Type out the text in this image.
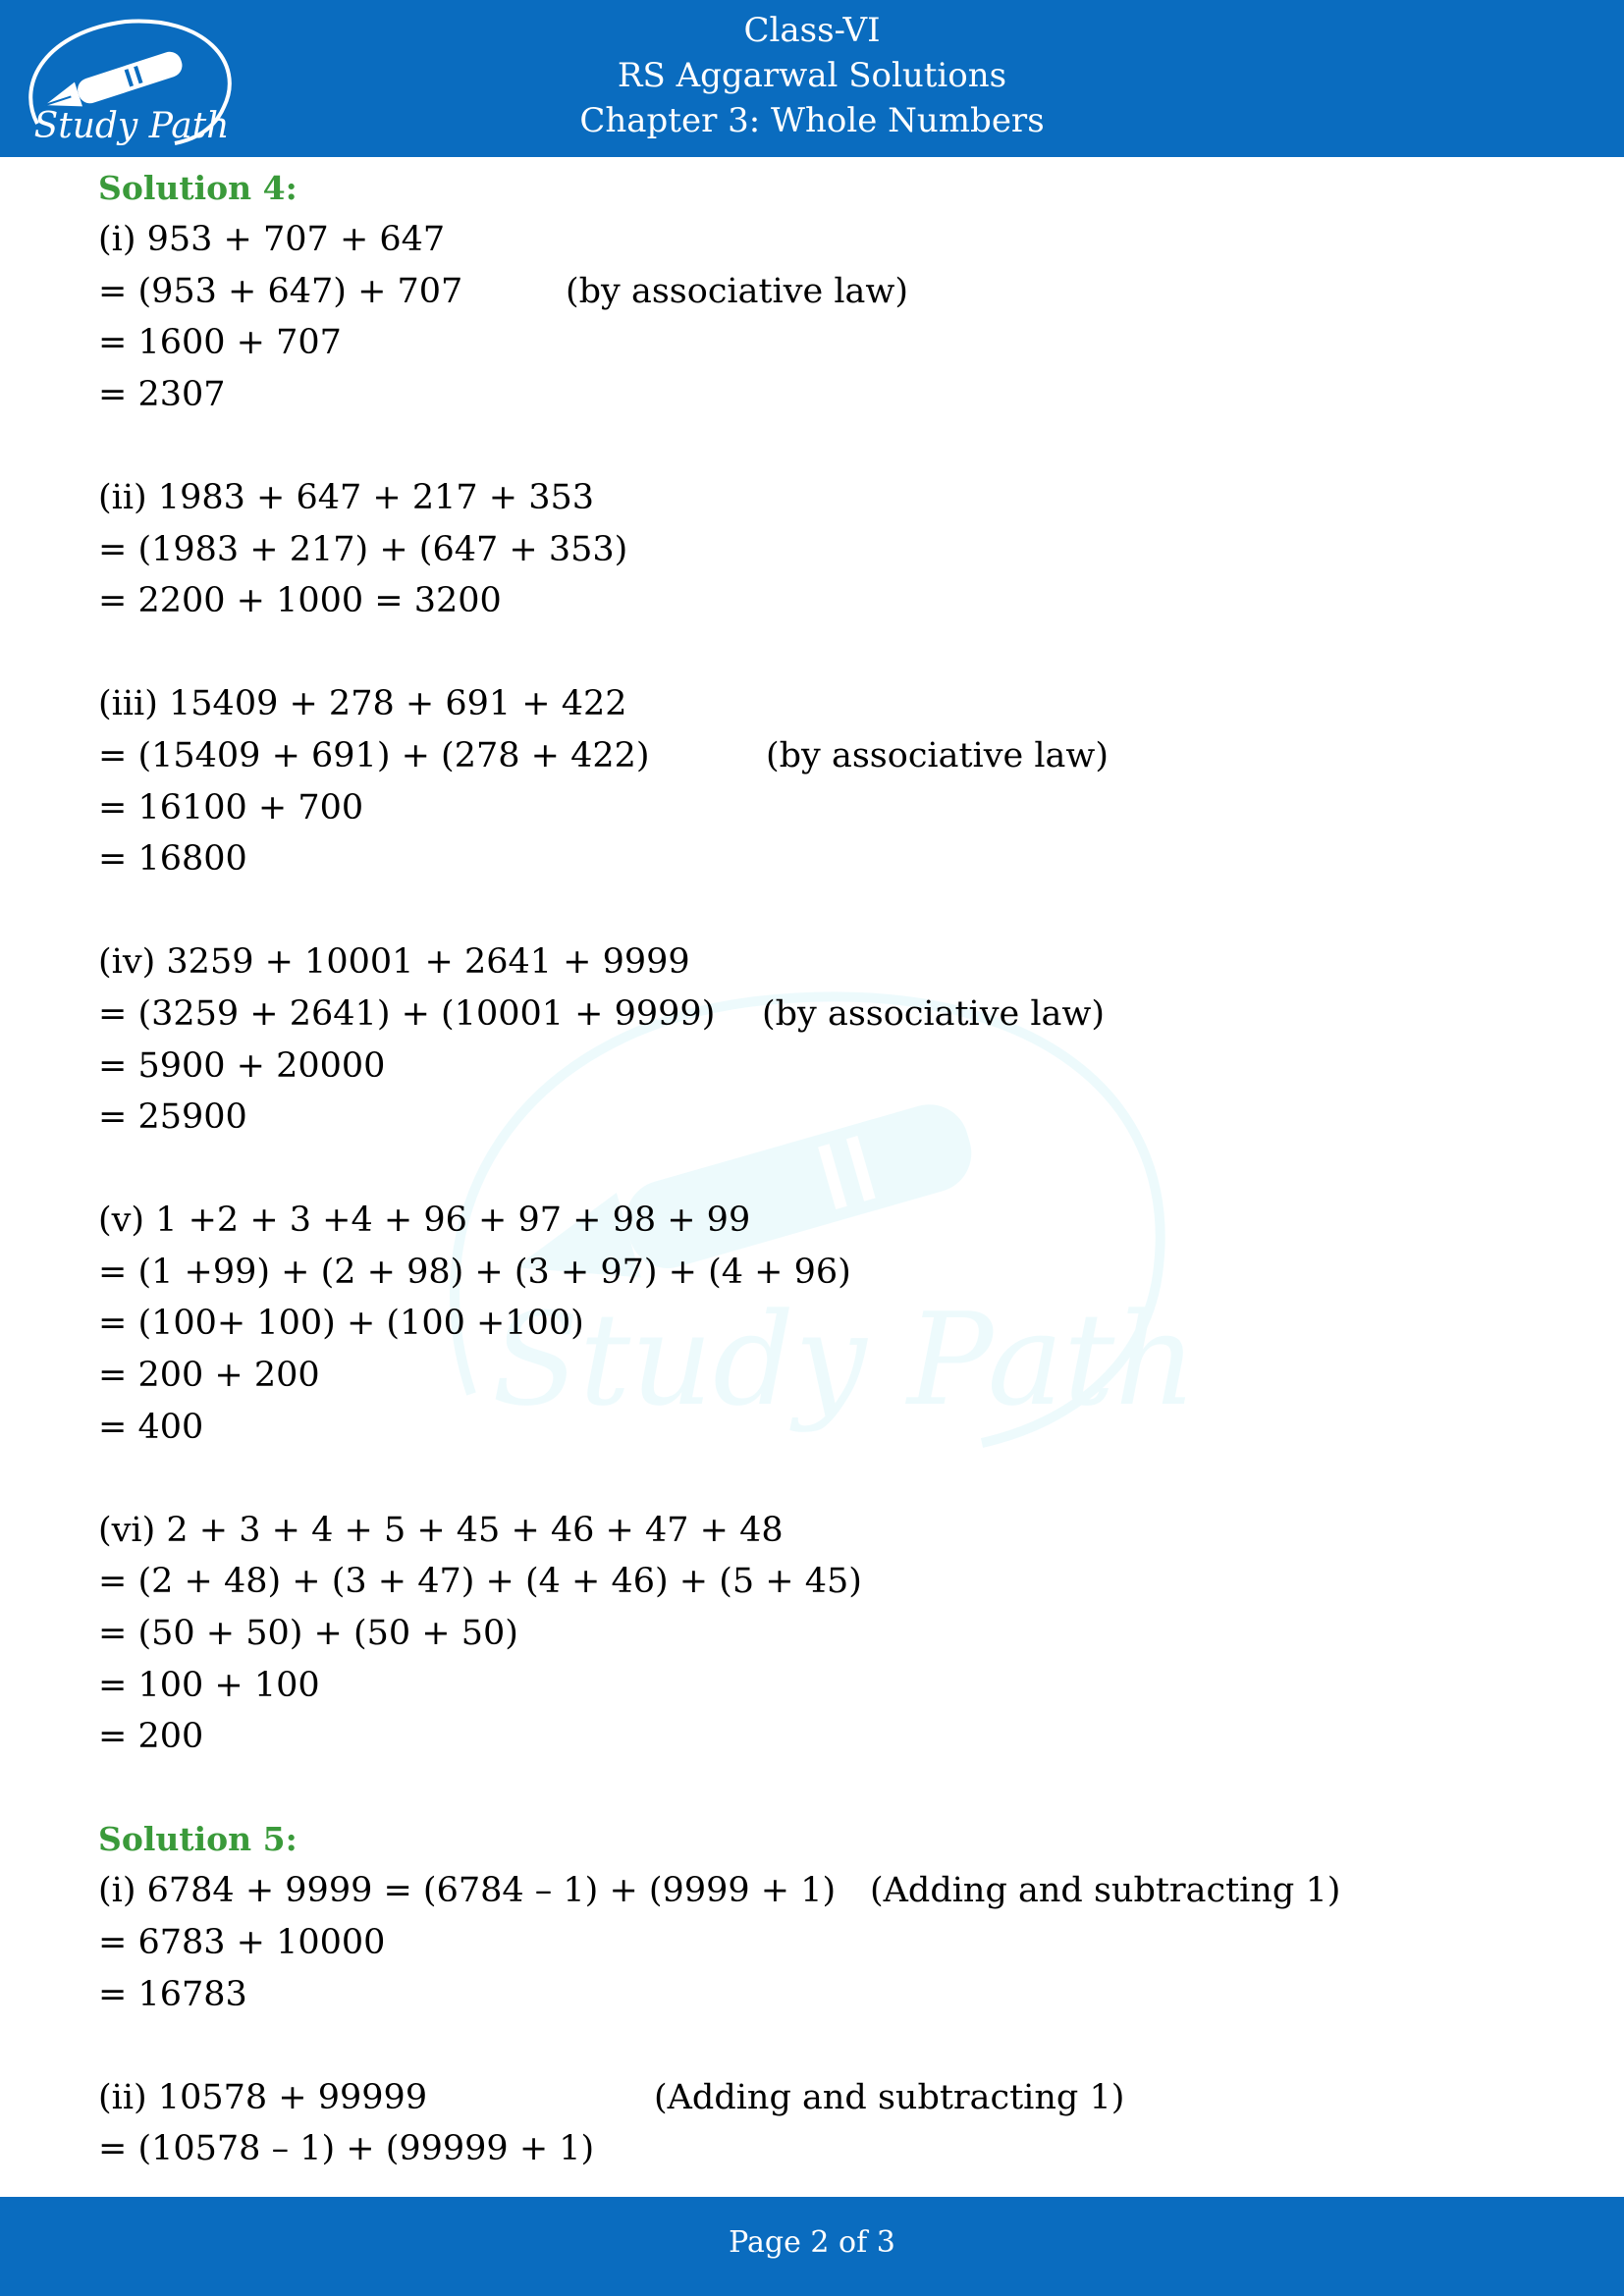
Study Path
Class-VI
RS Aggarwal Solutions
Chapter 3: Whole Numbers
Study Path
Solution 4:
(i) 953 + 707 + 647
= (953 + 647) + 707	(by associative law)
= 1600 + 707
= 2307
(ii) 1983 + 647 + 217 + 353
= (1983 + 217) + (647 + 353)
= 2200 + 1000 = 3200
(iii) 15409 + 278 + 691 + 422
= (15409 + 691) + (278 + 422)	(by associative law)
= 16100 + 700
= 16800
(iv) 3259 + 10001 + 2641 + 9999
= (3259 + 2641) + (10001 + 9999) (by associative law)
= 5900 + 20000
= 25900
(v) 1 +2 + 3 +4 + 96 + 97 + 98 + 99
= (1 +99) + (2 + 98) + (3 + 97) + (4 + 96)
= (100+ 100) + (100 +100)
= 200 + 200
= 400
(vi) 2 + 3 + 4 + 5 + 45 + 46 + 47 + 48
= (2 + 48) + (3 + 47) + (4 + 46) + (5 + 45)
= (50 + 50) + (50 + 50)
= 100 + 100
= 200
Solution 5:
(i) 6784 + 9999 = (6784 – 1) + (9999 + 1) (Adding and subtracting 1)
= 6783 + 10000
= 16783
(ii) 10578 + 99999	(Adding and subtracting 1)
= (10578 – 1) + (99999 + 1)
Page 2 of 3
